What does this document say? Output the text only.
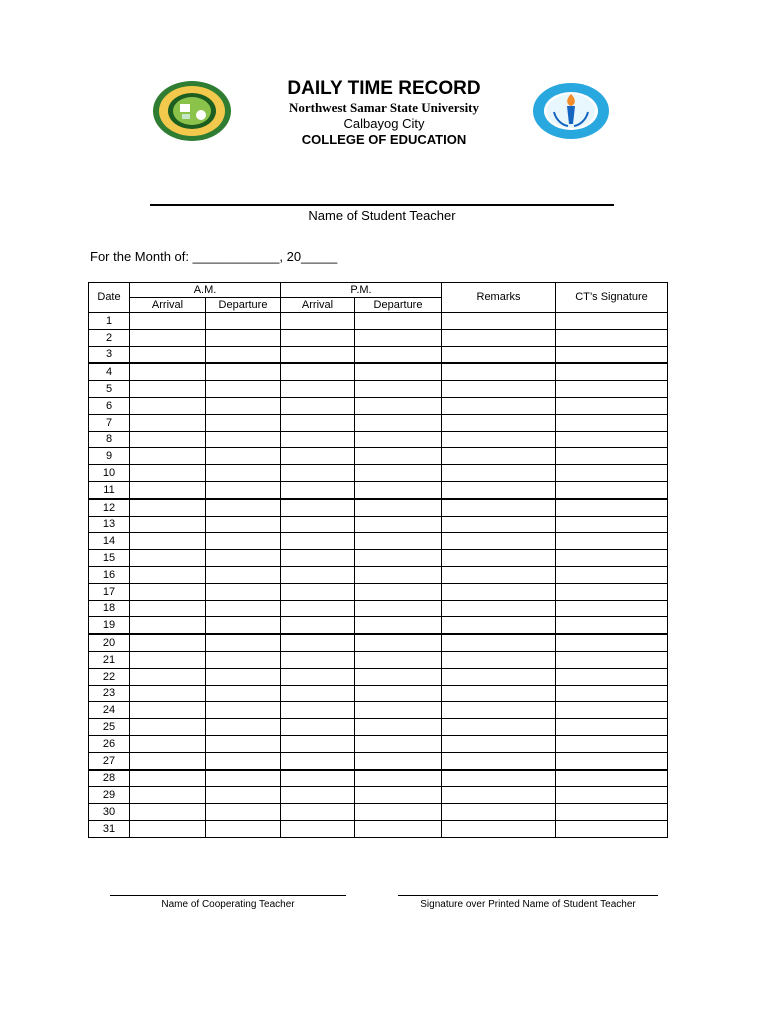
DAILY TIME RECORD
Northwest Samar State University
Calbayog City
COLLEGE OF EDUCATION
Name of Student Teacher
For the Month of: ____________, 20_____
Date	A.M.		P.M.		Remarks	CT’s Signature
	Arrival	Departure	Arrival	Departure		
1						
2						
3						
4						
5						
6						
7						
8						
9						
10						
11						
12						
13						
14						
15						
16						
17						
18						
19						
20						
21						
22						
23						
24						
25						
26						
27						
28						
29						
30						
31						
Name of Cooperating Teacher	Signature over Printed Name of Student Teacher
